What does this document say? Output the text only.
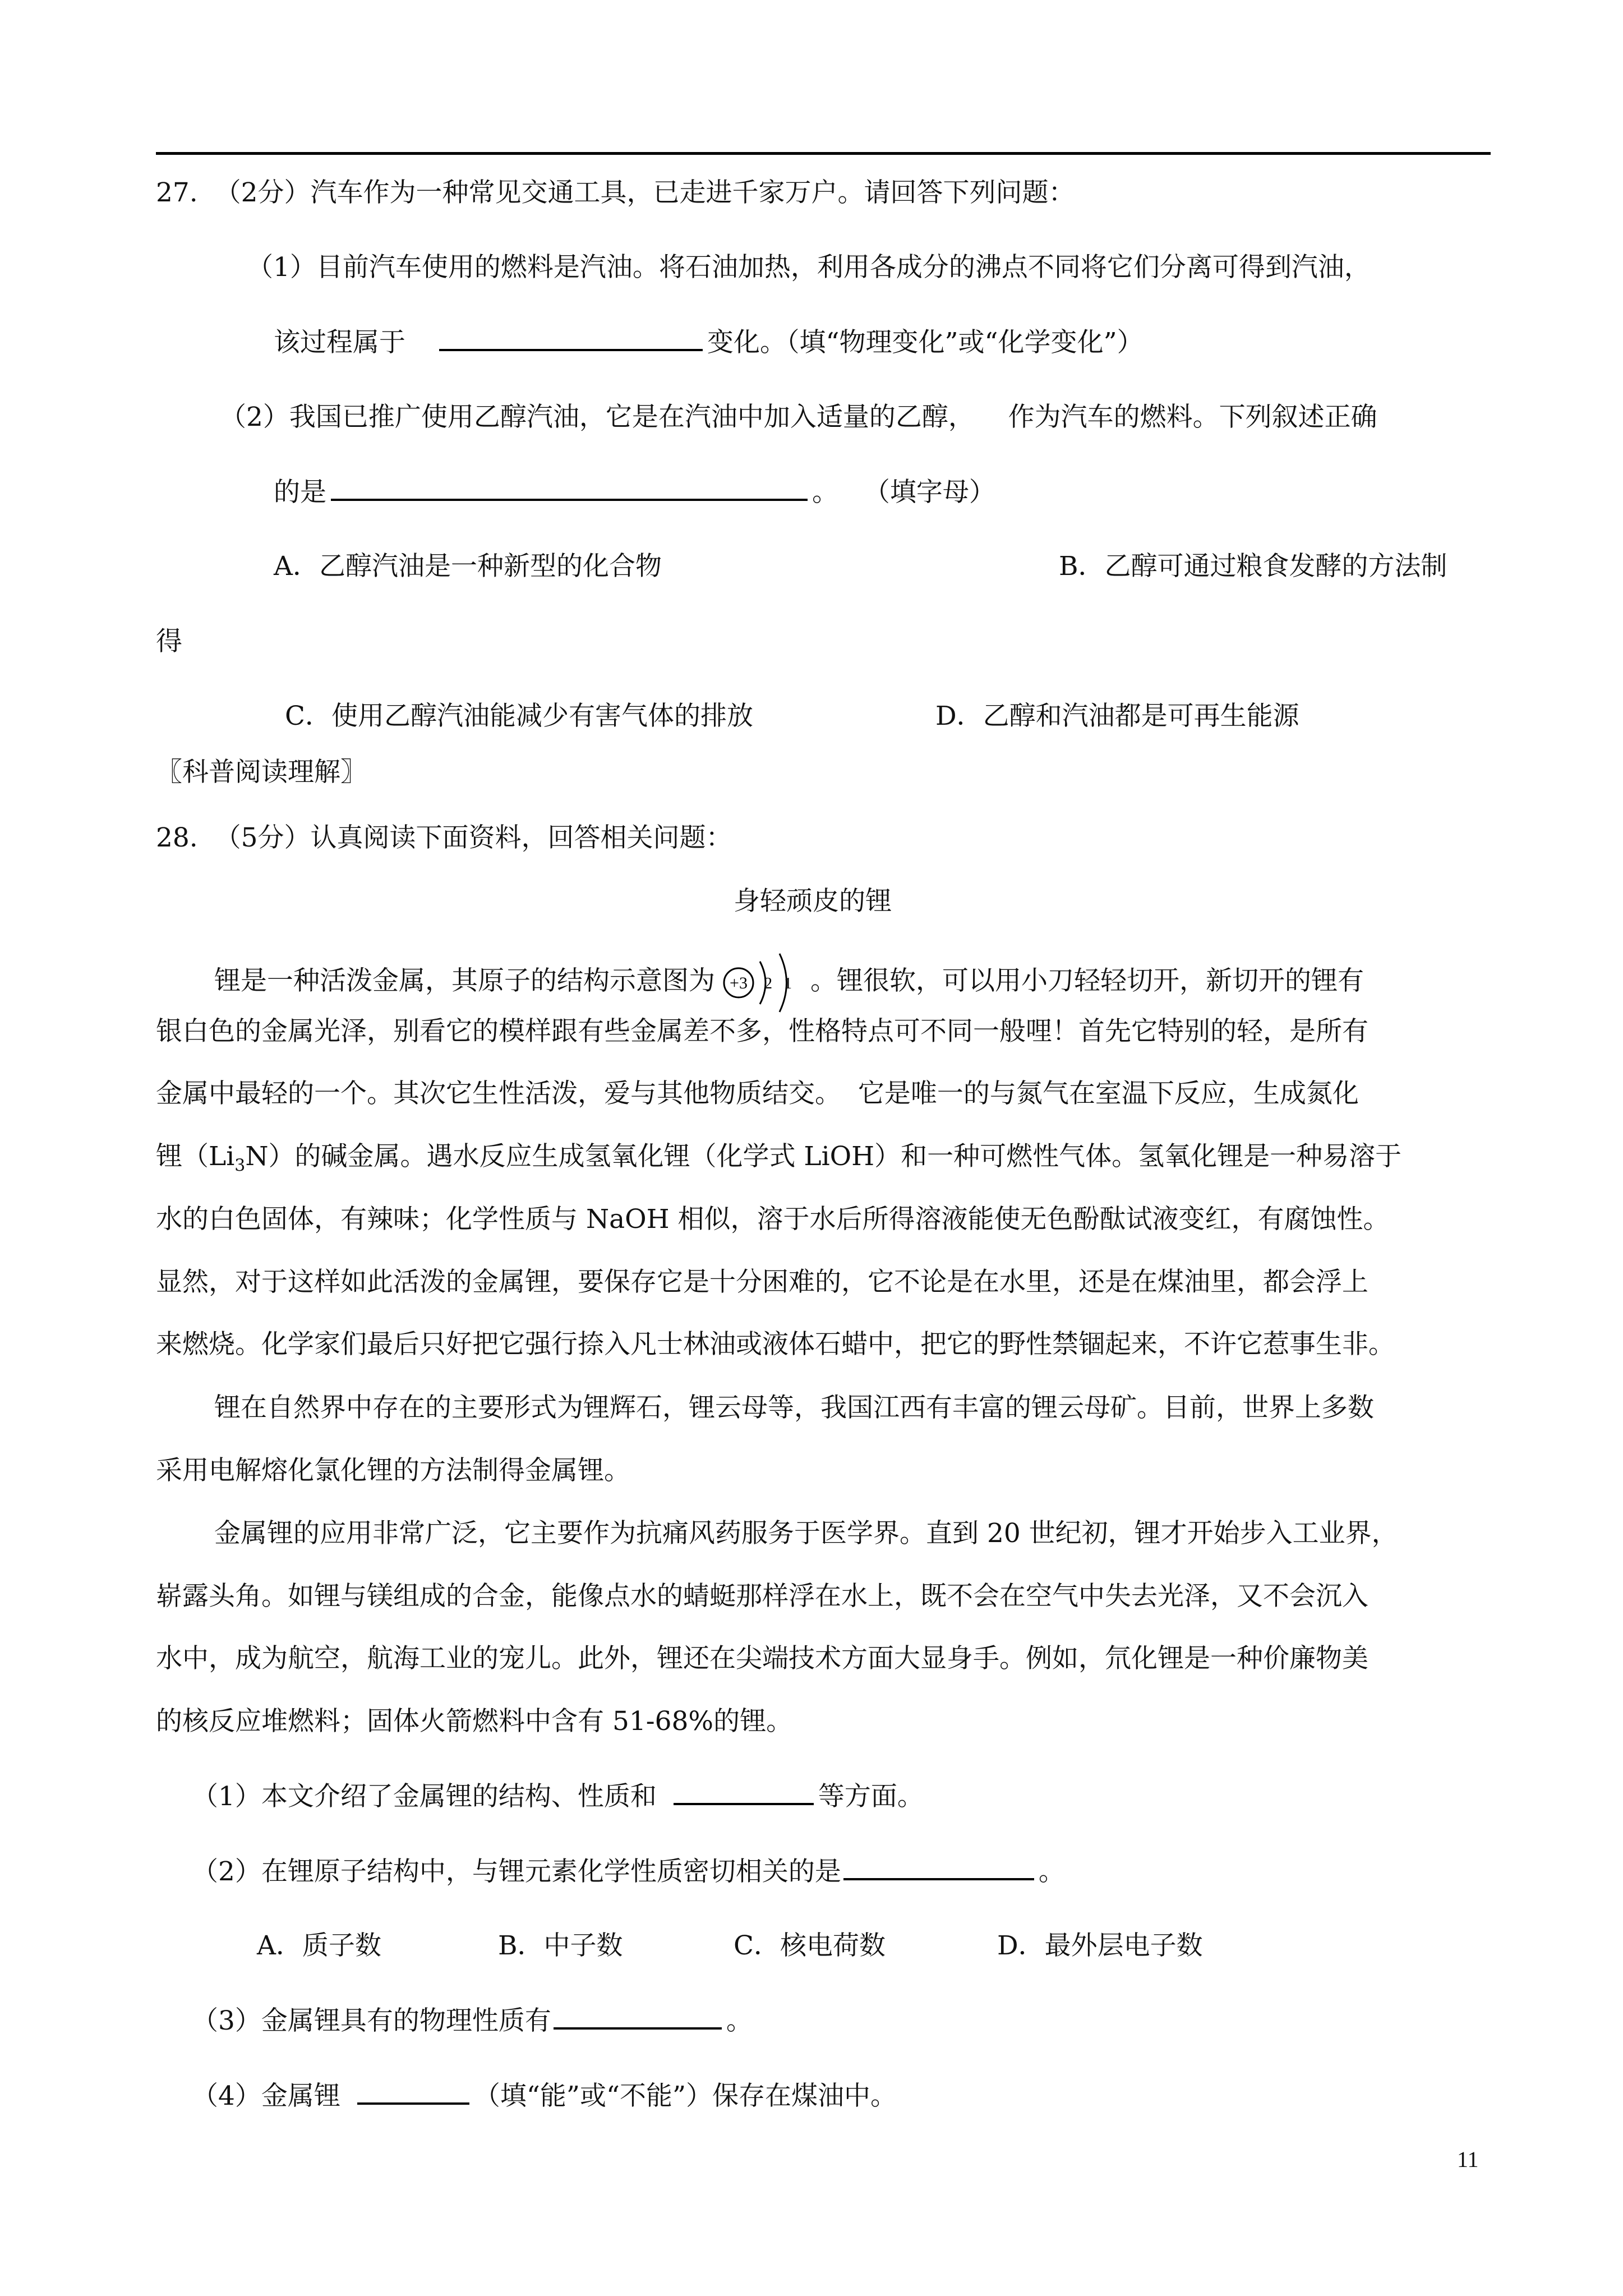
27.  （2分）汽车作为一种常见交通工具，已走进千家万户。请回答下列问题：
（1）目前汽车使用的燃料是汽油。将石油加热，利用各成分的沸点不同将它们分离可得到汽油，
该过程属于	变化。（填“物理变化”或“化学变化”）
（2）我国已推广使用乙醇汽油，它是在汽油中加入适量的乙醇，    作为汽车的燃料。下列叙述正确
的是	。   （填字母）
A．乙醇汽油是一种新型的化合物	B．乙醇可通过粮食发酵的方法制
得
C．使用乙醇汽油能减少有害气体的排放	D．乙醇和汽油都是可再生能源
〖科普阅读理解〗
28.  （5分）认真阅读下面资料，回答相关问题：
身轻顽皮的锂
锂是一种活泼金属，其原子的结构示意图为 +3 2 1 。锂很软，可以用小刀轻轻切开，新切开的锂有
银白色的金属光泽，别看它的模样跟有些金属差不多，性格特点可不同一般哩！首先它特别的轻，是所有
金属中最轻的一个。其次它生性活泼，爱与其他物质结交。  它是唯一的与氮气在室温下反应，生成氮化
锂$(Li_3N)$的碱金属。遇水反应生成氢氧化锂（化学式 LiOH）和一种可燃性气体。氢氧化锂是一种易溶于
水的白色固体，有辣味；化学性质与 NaOH 相似，溶于水后所得溶液能使无色酚酞试液变红，有腐蚀性。
显然，对于这样如此活泼的金属锂，要保存它是十分困难的，它不论是在水里，还是在煤油里，都会浮上
来燃烧。化学家们最后只好把它强行捺入凡士林油或液体石蜡中，把它的野性禁锢起来，不许它惹事生非。
锂在自然界中存在的主要形式为锂辉石，锂云母等，我国江西有丰富的锂云母矿。目前，世界上多数
采用电解熔化氯化锂的方法制得金属锂。
金属锂的应用非常广泛，它主要作为抗痛风药服务于医学界。直到 20 世纪初，锂才开始步入工业界，
崭露头角。如锂与镁组成的合金，能像点水的蜻蜓那样浮在水上，既不会在空气中失去光泽，又不会沉入
水中，成为航空，航海工业的宠儿。此外，锂还在尖端技术方面大显身手。例如，氘化锂是一种价廉物美
的核反应堆燃料；固体火箭燃料中含有 51-68%的锂。
（1）本文介绍了金属锂的结构、性质和	等方面。
（2）在锂原子结构中，与锂元素化学性质密切相关的是	。
A．质子数	B．中子数	C．核电荷数	D．最外层电子数
（3）金属锂具有的物理性质有	。
（4）金属锂	（填“能”或“不能”）保存在煤油中。
11
